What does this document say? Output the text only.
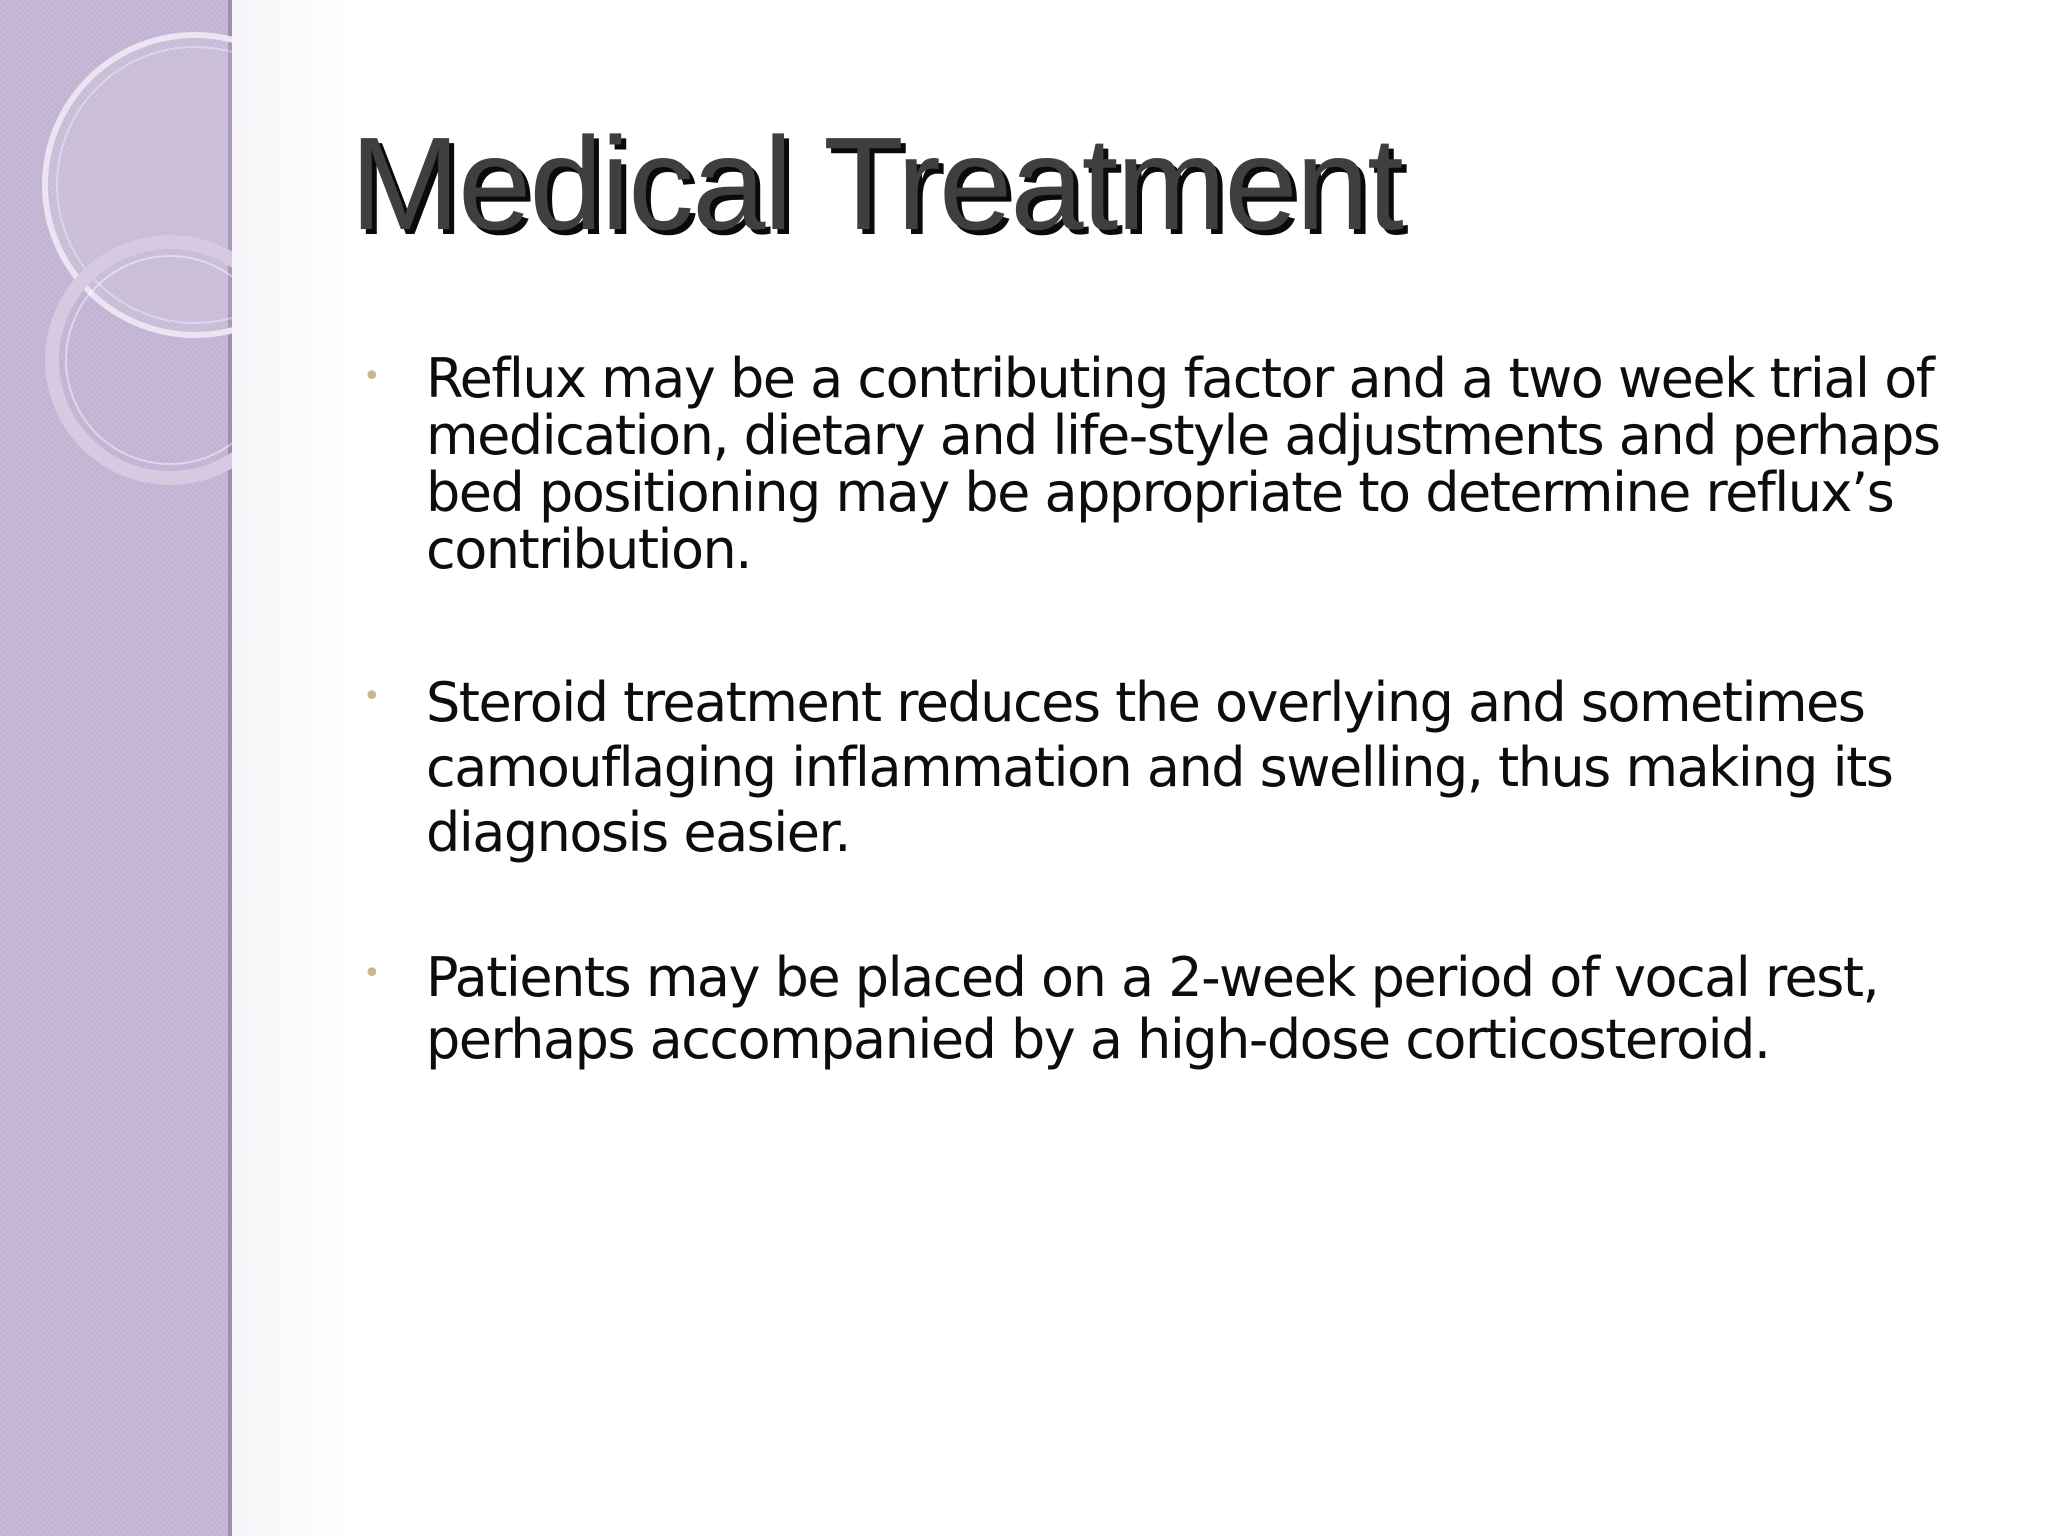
Medical Treatment
• Reflux may be a contributing factor and a two week trial of medication, dietary and life-style adjustments and perhaps bed positioning may be appropriate to determine reflux’s contribution.
• Steroid treatment reduces the overlying and sometimes camouflaging inflammation and swelling, thus making its diagnosis easier.
• Patients may be placed on a 2-week period of vocal rest, perhaps accompanied by a high-dose corticosteroid.
